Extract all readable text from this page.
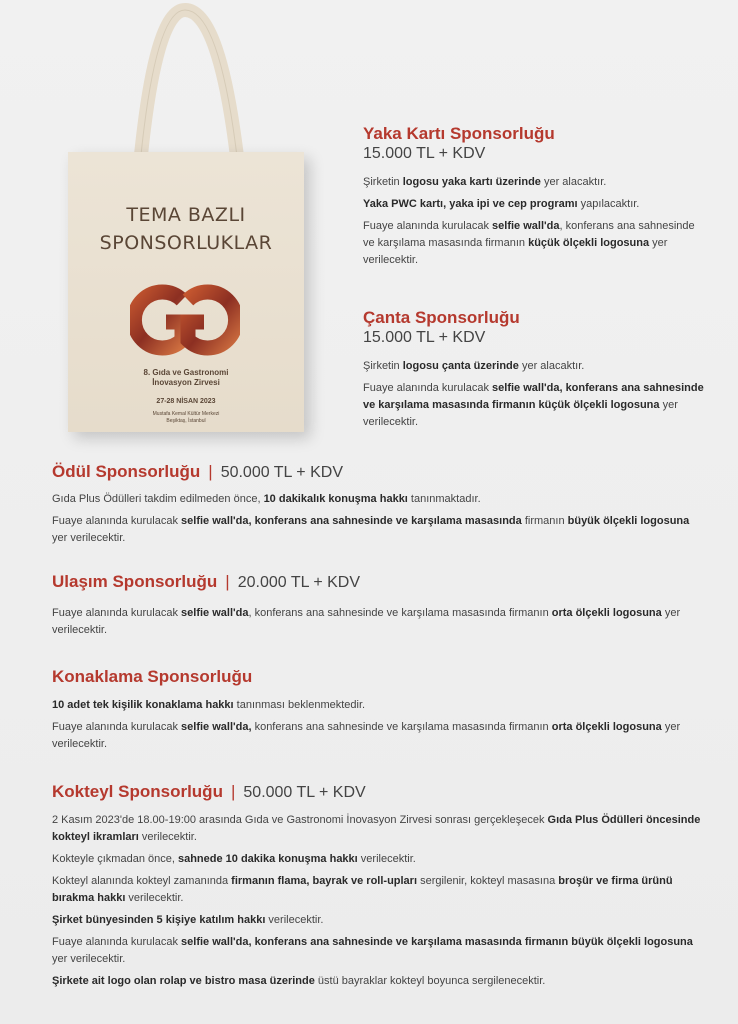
TEMA BAZLI
SPONSORLUKLAR
8. Gıda ve Gastronomi
İnovasyon Zirvesi
27-28 NİSAN 2023
Mustafa Kemal Kültür Merkezi
Beşiktaş, İstanbul
Yaka Kartı Sponsorluğu
15.000 TL + KDV

Şirketin logosu yaka kartı üzerinde yer alacaktır.

Yaka PWC kartı, yaka ipi ve cep programı yapılacaktır.

Fuaye alanında kurulacak selfie wall'da, konferans ana sahnesinde ve karşılama masasında firmanın küçük ölçekli logosuna yer verilecektir.

Çanta Sponsorluğu
15.000 TL + KDV

Şirketin logosu çanta üzerinde yer alacaktır.

Fuaye alanında kurulacak selfie wall'da, konferans ana sahnesinde ve karşılama masasında firmanın küçük ölçekli logosuna yer verilecektir.

Ödül Sponsorluğu | 50.000 TL + KDV

Gıda Plus Ödülleri takdim edilmeden önce, 10 dakikalık konuşma hakkı tanınmaktadır.

Fuaye alanında kurulacak selfie wall'da, konferans ana sahnesinde ve karşılama masasında firmanın büyük ölçekli logosuna yer verilecektir.

Ulaşım Sponsorluğu | 20.000 TL + KDV

Fuaye alanında kurulacak selfie wall'da, konferans ana sahnesinde ve karşılama masasında firmanın orta ölçekli logosuna yer verilecektir.

Konaklama Sponsorluğu

10 adet tek kişilik konaklama hakkı tanınması beklenmektedir.

Fuaye alanında kurulacak selfie wall'da, konferans ana sahnesinde ve karşılama masasında firmanın orta ölçekli logosuna yer verilecektir.

Kokteyl Sponsorluğu | 50.000 TL + KDV

2 Kasım 2023'de 18.00-19:00 arasında Gıda ve Gastronomi İnovasyon Zirvesi sonrası gerçekleşecek Gıda Plus Ödülleri öncesinde kokteyl ikramları verilecektir.

Kokteyle çıkmadan önce, sahnede 10 dakika konuşma hakkı verilecektir.

Kokteyl alanında kokteyl zamanında firmanın flama, bayrak ve roll-upları sergilenir, kokteyl masasına broşür ve firma ürünü bırakma hakkı verilecektir.

Şirket bünyesinden 5 kişiye katılım hakkı verilecektir.

Fuaye alanında kurulacak selfie wall'da, konferans ana sahnesinde ve karşılama masasında firmanın büyük ölçekli logosuna yer verilecektir.

Şirkete ait logo olan rolap ve bistro masa üzerinde üstü bayraklar kokteyl boyunca sergilenecektir.
